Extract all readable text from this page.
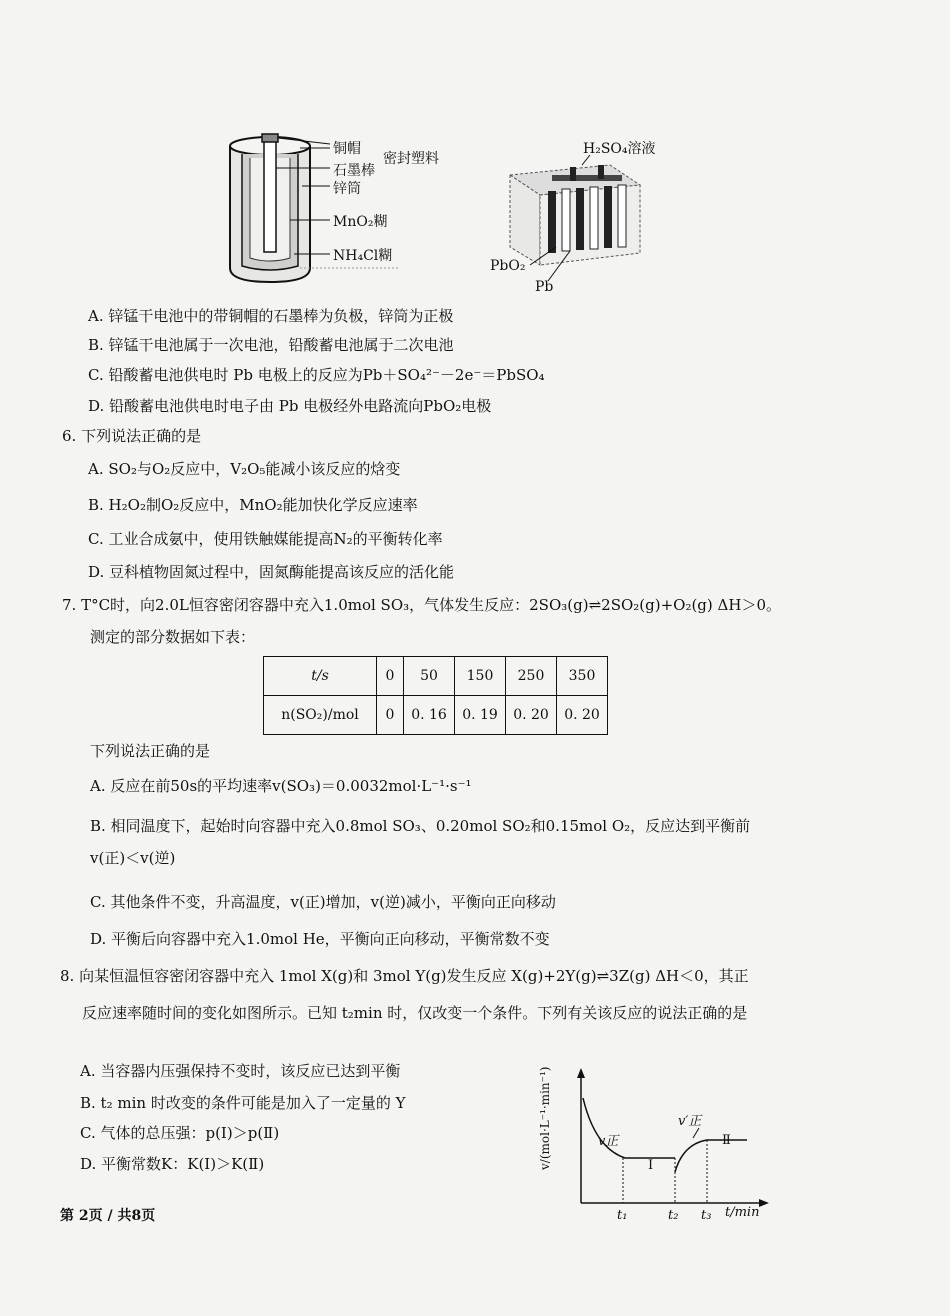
铜帽
密封塑料
石墨棒
锌筒
MnO₂糊
NH₄Cl糊
H₂SO₄溶液
PbO₂
Pb
A. 锌锰干电池中的带铜帽的石墨棒为负极，锌筒为正极
B. 锌锰干电池属于一次电池，铅酸蓄电池属于二次电池
C. 铅酸蓄电池供电时 Pb 电极上的反应为Pb＋SO₄²⁻－2e⁻＝PbSO₄
D. 铅酸蓄电池供电时电子由 Pb 电极经外电路流向PbO₂电极
6. 下列说法正确的是
A. SO₂与O₂反应中，V₂O₅能减小该反应的焓变
B. H₂O₂制O₂反应中，MnO₂能加快化学反应速率
C. 工业合成氨中，使用铁触媒能提高N₂的平衡转化率
D. 豆科植物固氮过程中，固氮酶能提高该反应的活化能
7. T°C时，向2.0L恒容密闭容器中充入1.0mol SO₃，气体发生反应：2SO₃(g)⇌2SO₂(g)+O₂(g) ΔH＞0。
测定的部分数据如下表：
t/s	0	50	150	250	350
n(SO₂)/mol	0	0. 16	0. 19	0. 20	0. 20
下列说法正确的是
A. 反应在前50s的平均速率v(SO₃)＝0.0032mol·L⁻¹·s⁻¹
B. 相同温度下，起始时向容器中充入0.8mol SO₃、0.20mol SO₂和0.15mol O₂，反应达到平衡前
v(正)＜v(逆)
C. 其他条件不变，升高温度，v(正)增加，v(逆)减小，平衡向正向移动
D. 平衡后向容器中充入1.0mol He，平衡向正向移动，平衡常数不变
8. 向某恒温恒容密闭容器中充入 1mol X(g)和 3mol Y(g)发生反应 X(g)+2Y(g)⇌3Z(g) ΔH＜0，其正
反应速率随时间的变化如图所示。已知 t₂min 时，仅改变一个条件。下列有关该反应的说法正确的是
A. 当容器内压强保持不变时，该反应已达到平衡
B. t₂ min 时改变的条件可能是加入了一定量的 Y
C. 气体的总压强：p(Ⅰ)＞p(Ⅱ)
D. 平衡常数K：K(Ⅰ)＞K(Ⅱ)	v/(mol·L⁻¹·min⁻¹)	v正
v′正
Ⅰ
Ⅱ
t₁	t₂ t₃ t/min
第 2页 / 共8页
